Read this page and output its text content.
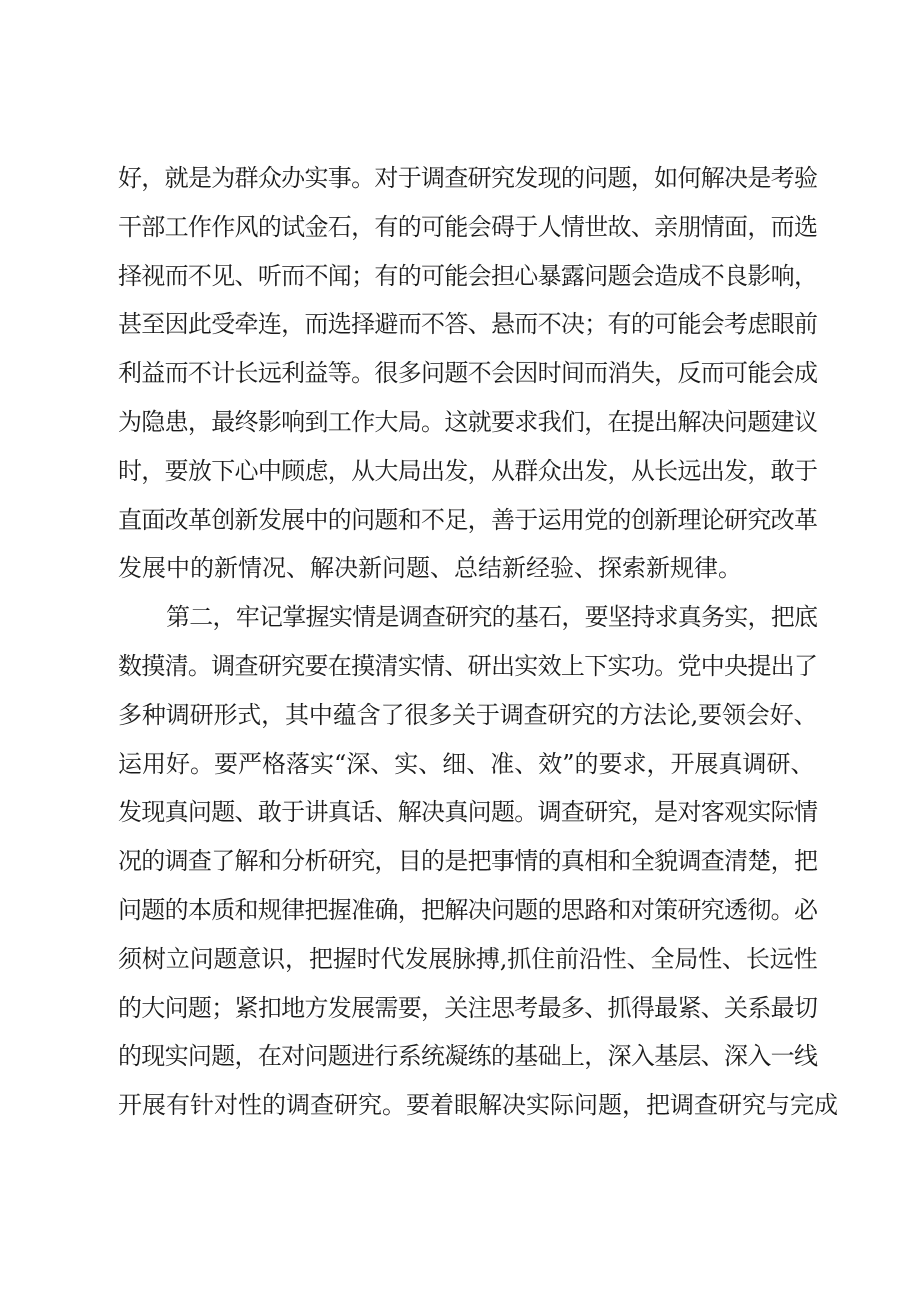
好，就是为群众办实事。对于调查研究发现的问题，如何解决是考验
干部工作作风的试金石，有的可能会碍于人情世故、亲朋情面，而选
择视而不见、听而不闻；有的可能会担心暴露问题会造成不良影响，
甚至因此受牵连，而选择避而不答、悬而不决；有的可能会考虑眼前
利益而不计长远利益等。很多问题不会因时间而消失，反而可能会成
为隐患，最终影响到工作大局。这就要求我们，在提出解决问题建议
时，要放下心中顾虑，从大局出发，从群众出发，从长远出发，敢于
直面改革创新发展中的问题和不足，善于运用党的创新理论研究改革
发展中的新情况、解决新问题、总结新经验、探索新规律。
第二，牢记掌握实情是调查研究的基石，要坚持求真务实，把底
数摸清。调查研究要在摸清实情、研出实效上下实功。党中央提出了
多种调研形式，其中蕴含了很多关于调查研究的方法论,要领会好、
运用好。要严格落实“深、实、细、准、效”的要求，开展真调研、
发现真问题、敢于讲真话、解决真问题。调查研究，是对客观实际情
况的调查了解和分析研究，目的是把事情的真相和全貌调查清楚，把
问题的本质和规律把握准确，把解决问题的思路和对策研究透彻。必
须树立问题意识，把握时代发展脉搏,抓住前沿性、全局性、长远性
的大问题；紧扣地方发展需要，关注思考最多、抓得最紧、关系最切
的现实问题，在对问题进行系统凝练的基础上，深入基层、深入一线
开展有针对性的调查研究。要着眼解决实际问题，把调查研究与完成
